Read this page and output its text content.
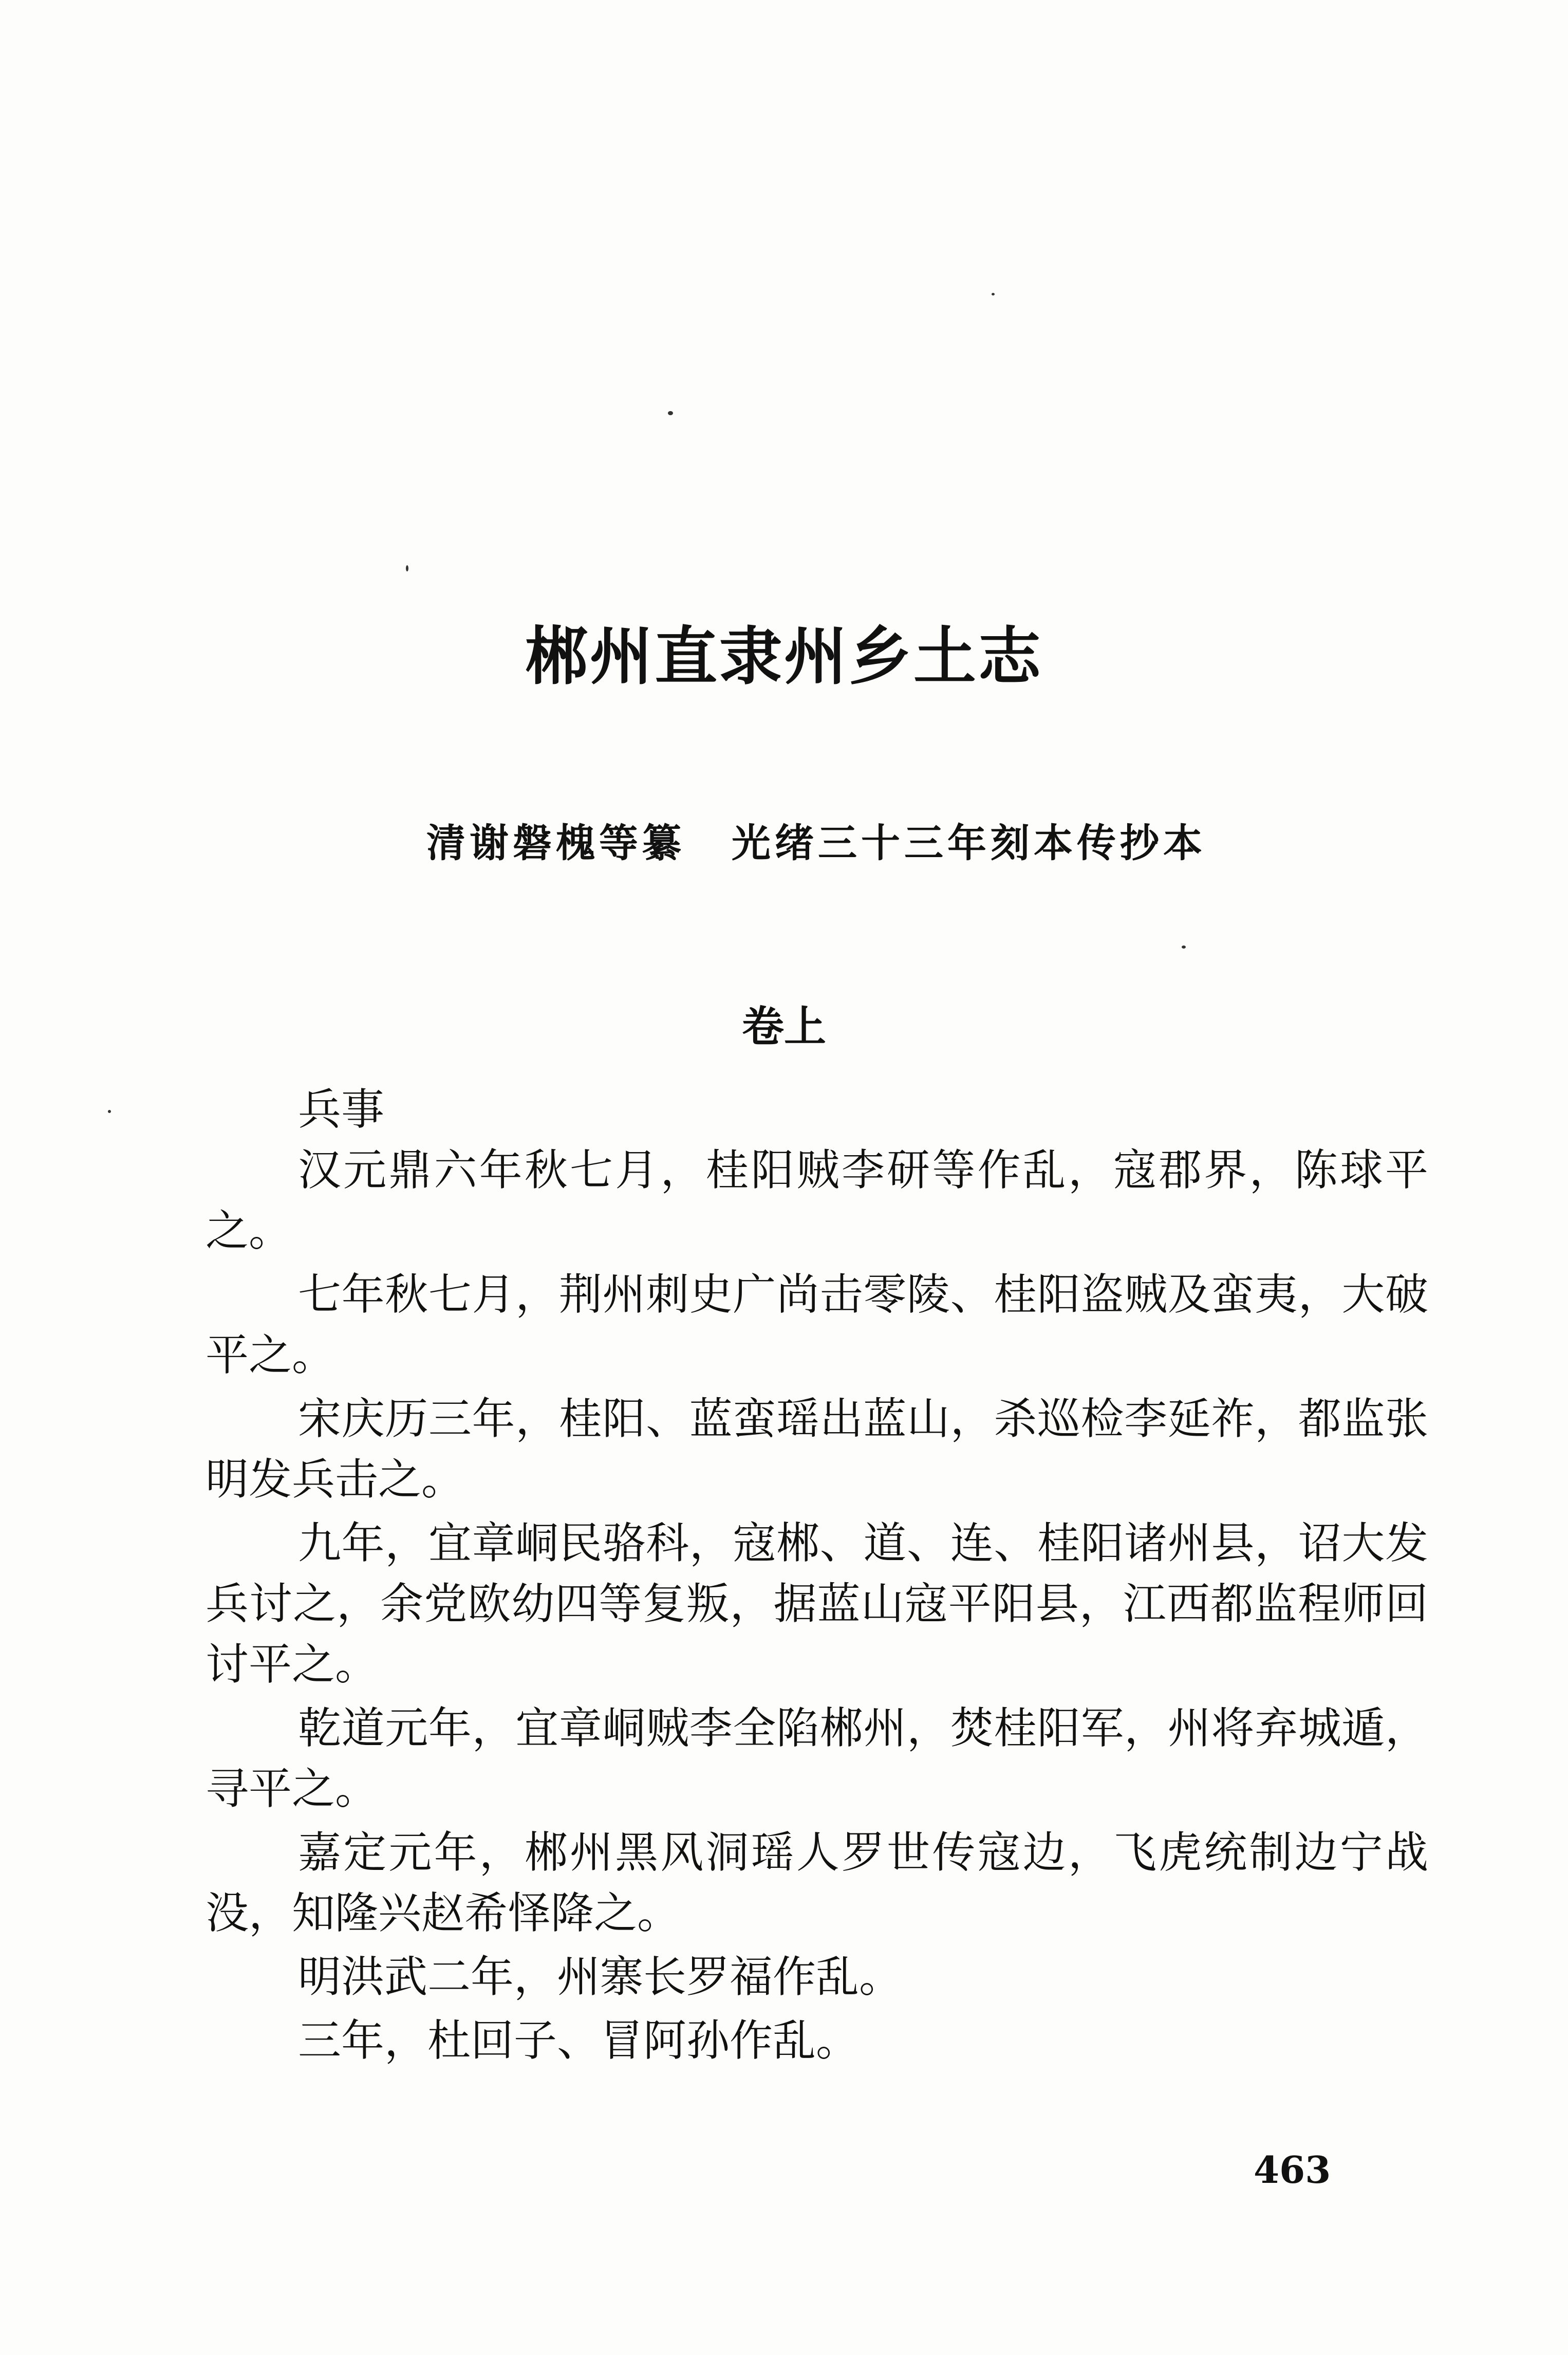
郴州直隶州乡土志
清谢磐槐等纂 光绪三十三年刻本传抄本
卷上

兵事

汉元鼎六年秋七月，桂阳贼李研等作乱，寇郡界，陈球平之。

七年秋七月，荆州刺史广尚击零陵、桂阳盗贼及蛮夷，大破平之。

宋庆历三年，桂阳、蓝蛮瑶出蓝山，杀巡检李延祚，都监张明发兵击之。

九年，宜章峒民骆科，寇郴、道、连、桂阳诸州县，诏大发兵讨之，余党欧幼四等复叛，据蓝山寇平阳县，江西都监程师回讨平之。

乾道元年，宜章峒贼李全陷郴州，焚桂阳军，州将弃城遁，寻平之。

嘉定元年，郴州黑风洞瑶人罗世传寇边，飞虎统制边宁战没，知隆兴赵希怿降之。

明洪武二年，州寨长罗福作乱。

三年，杜回子、冒阿孙作乱。

463
